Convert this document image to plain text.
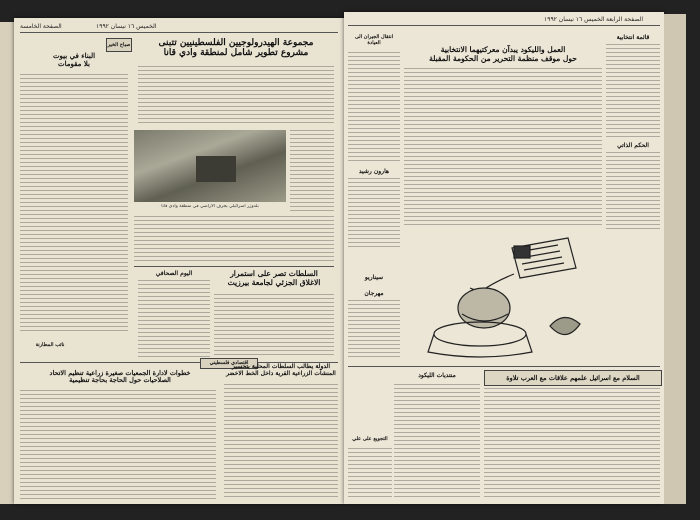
الخميس ١٦ نيسان ١٩٩٢
الصفحة الخامسة
مجموعة الهيدرولوجيين الفلسطينيين تتبنى
مشروع تطوير شامل لمنطقة وادي قانا
بلدوزر اسرائيلي يجرف الاراضي في منطقة وادي قانا
صباح الخير
البناء في بيوت
بلا مقومات
نائب المطارنة
السلطات تصر على استمرار
الاغلاق الجزئي لجامعة بيرزيت
اليوم الصحافي
اقتصادي فلسطيني
خطوات لادارة الجمعيات صغيرة زراعية تنظيم الاتحاد
الصلاحيات حول الحاجة بحاجة تنظيمية
الدولة يطالب السلطات المحلية بتحسير
المنشآت الزراعية القرية داخل الخط الاخضر
الخميس ١٦ نيسان ١٩٩٢ الصفحة الرابعة
قائمة انتخابية
الحكم الذاتي
العمل والليكود يبدآن معركتيهما الانتخابية
حول موقف منظمة التحرير من الحكومة المقبلة
انتقال الجيران الى العيادة
هارون رشيد
مهرجان
سيناريو
السلام مع اسرائيل علمهم علاقات مع العرب تلاوة
منتديات الليكود
التجويع على علي
